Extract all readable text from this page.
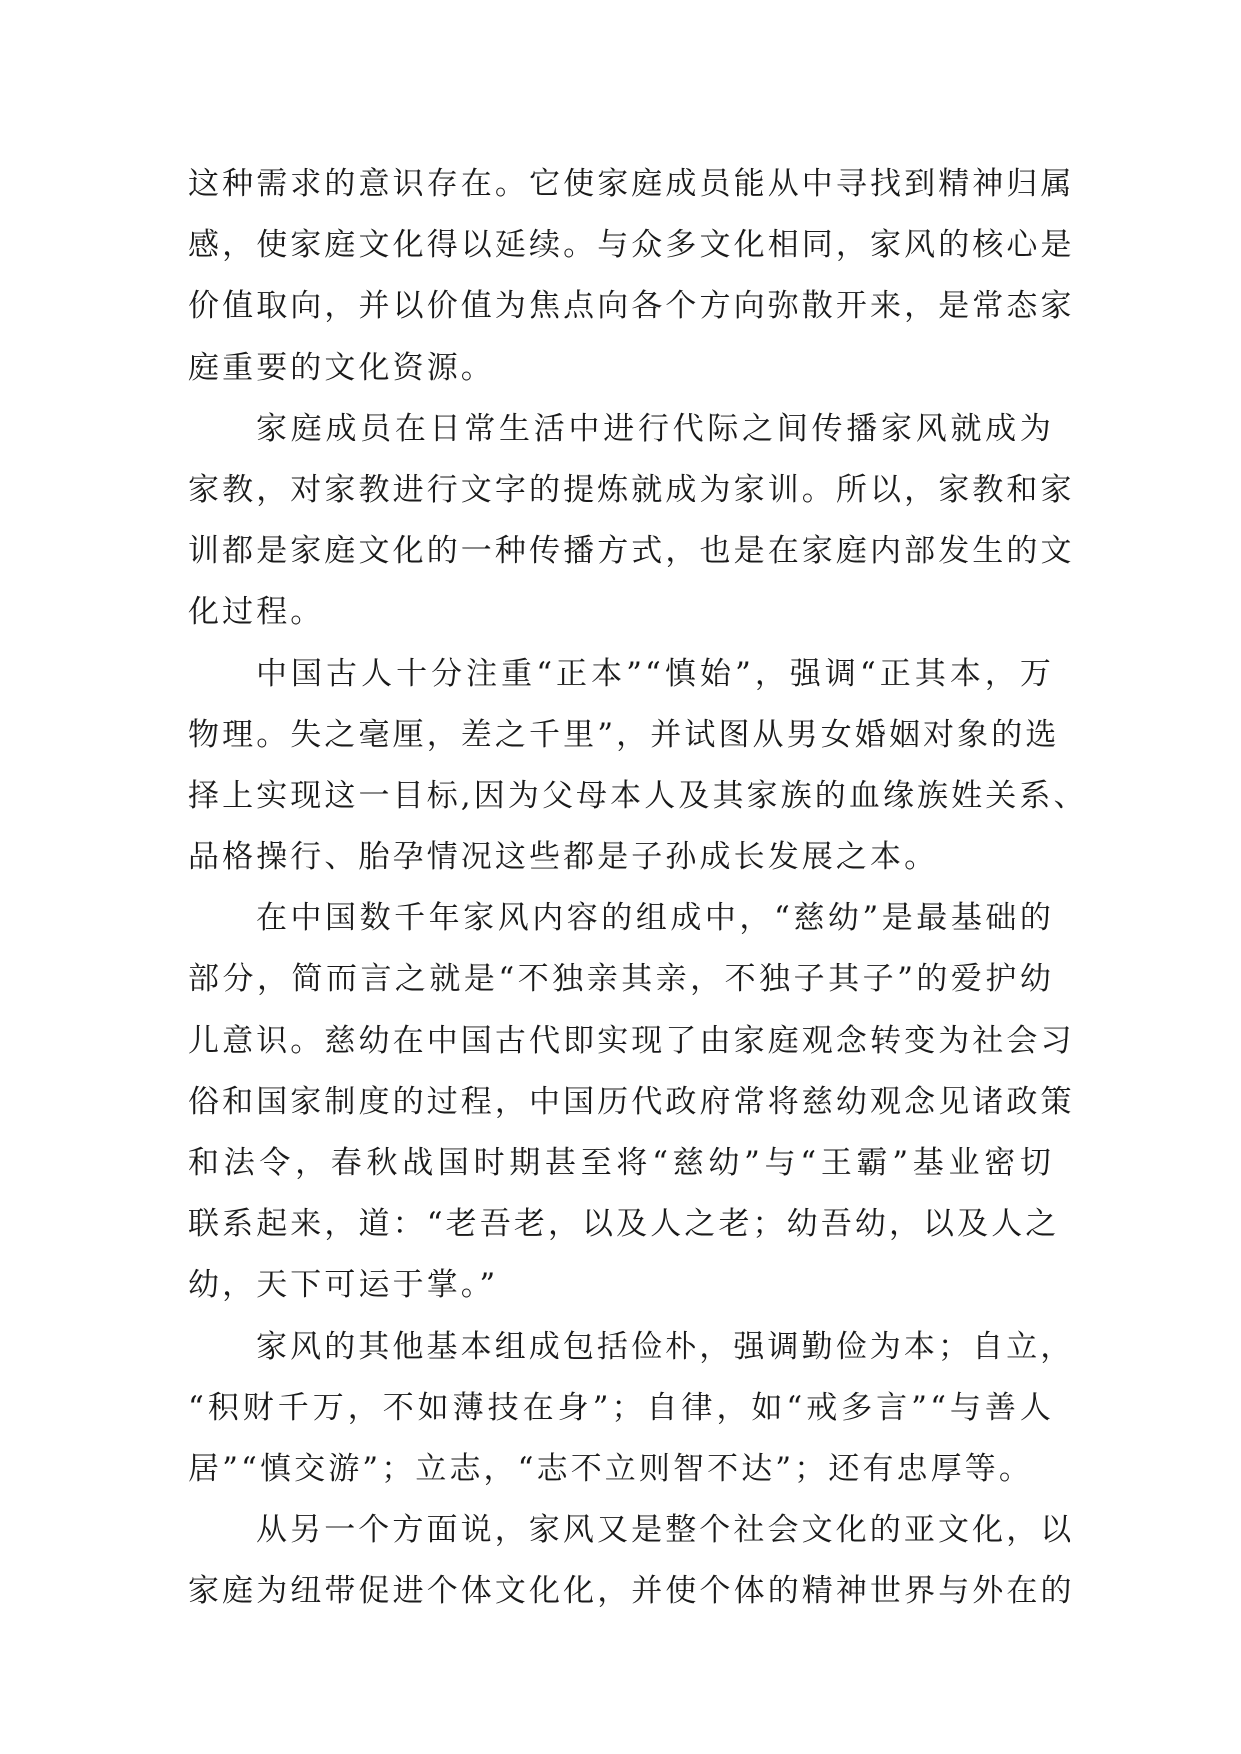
这种需求的意识存在。它使家庭成员能从中寻找到精神归属
感，使家庭文化得以延续。与众多文化相同，家风的核心是
价值取向，并以价值为焦点向各个方向弥散开来，是常态家
庭重要的文化资源。
家庭成员在日常生活中进行代际之间传播家风就成为
家教，对家教进行文字的提炼就成为家训。所以，家教和家
训都是家庭文化的一种传播方式，也是在家庭内部发生的文
化过程。
中国古人十分注重“正本”“慎始”，强调“正其本，万
物理。失之毫厘，差之千里”，并试图从男女婚姻对象的选
择上实现这一目标,因为父母本人及其家族的血缘族姓关系、
品格操行、胎孕情况这些都是子孙成长发展之本。
在中国数千年家风内容的组成中，“慈幼”是最基础的
部分，简而言之就是“不独亲其亲，不独子其子”的爱护幼
儿意识。慈幼在中国古代即实现了由家庭观念转变为社会习
俗和国家制度的过程，中国历代政府常将慈幼观念见诸政策
和法令，春秋战国时期甚至将“慈幼”与“王霸”基业密切
联系起来，道：“老吾老，以及人之老；幼吾幼，以及人之
幼，天下可运于掌。”
家风的其他基本组成包括俭朴，强调勤俭为本；自立，
“积财千万，不如薄技在身”；自律，如“戒多言”“与善人
居”“慎交游”；立志，“志不立则智不达”；还有忠厚等。
从另一个方面说，家风又是整个社会文化的亚文化，以
家庭为纽带促进个体文化化，并使个体的精神世界与外在的
